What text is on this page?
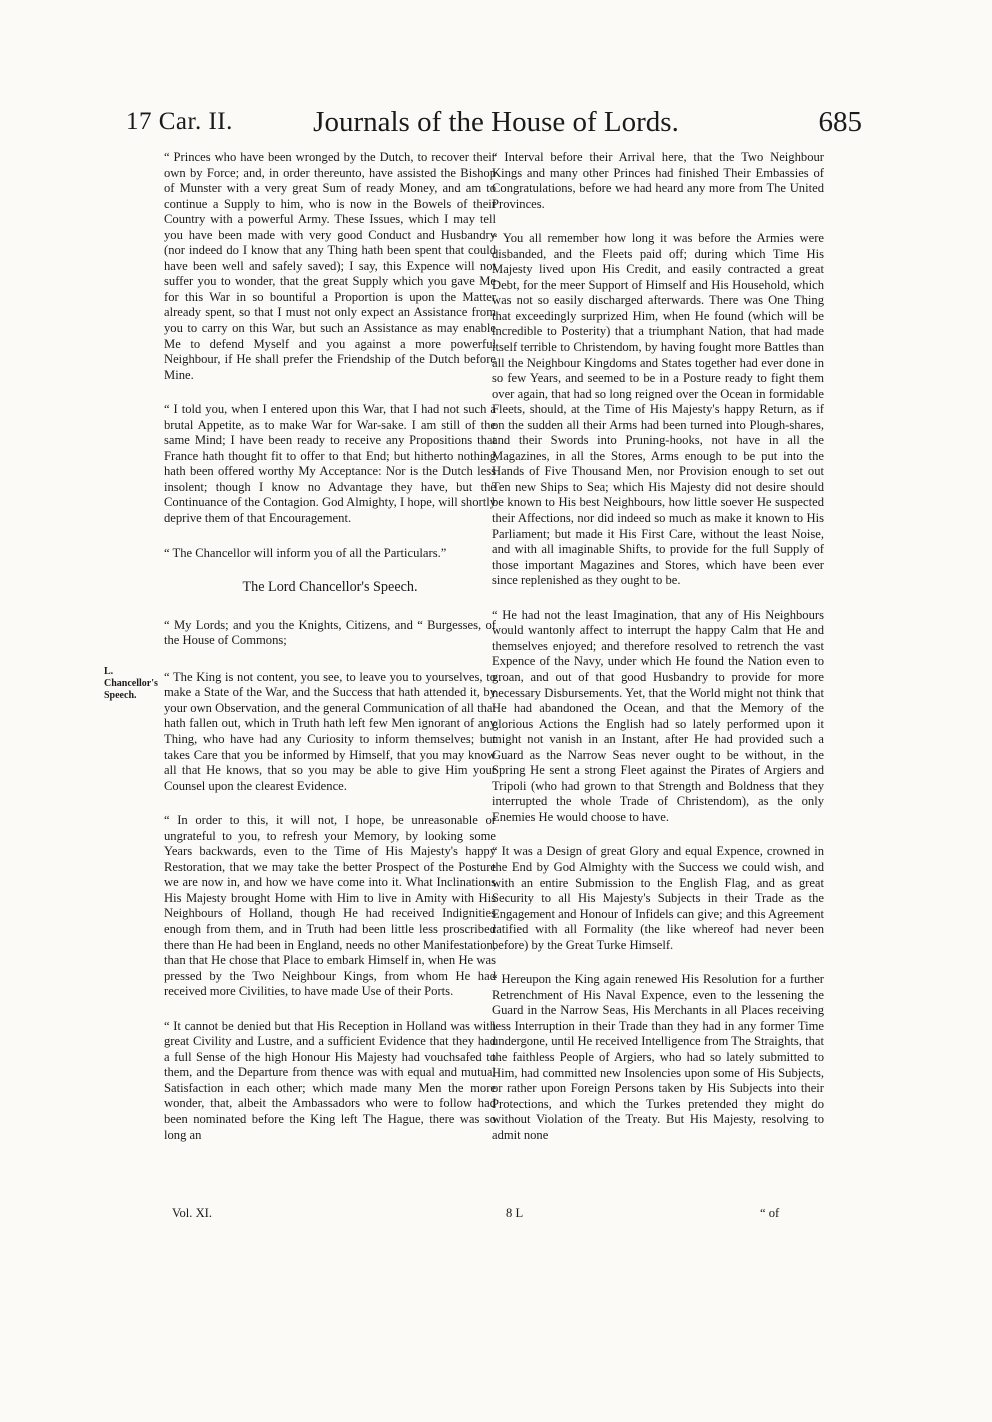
17 Car. II.	Journals of the House of Lords.	685
L. Chancellor's Speech.

“ Princes who have been wronged by the Dutch, to recover their own by Force; and, in order thereunto, have assisted the Bishop of Munster with a very great Sum of ready Money, and am to continue a Supply to him, who is now in the Bowels of their Country with a powerful Army. These Issues, which I may tell you have been made with very good Conduct and Husbandry (nor indeed do I know that any Thing hath been spent that could have been well and safely saved); I say, this Expence will not suffer you to wonder, that the great Supply which you gave Me for this War in so bountiful a Proportion is upon the Matter already spent, so that I must not only expect an Assistance from you to carry on this War, but such an Assistance as may enable Me to defend Myself and you against a more powerful Neighbour, if He shall prefer the Friendship of the Dutch before Mine.

“ I told you, when I entered upon this War, that I had not such a brutal Appetite, as to make War for War-sake. I am still of the same Mind; I have been ready to receive any Propositions that France hath thought fit to offer to that End; but hitherto nothing hath been offered worthy My Acceptance: Nor is the Dutch less insolent; though I know no Advantage they have, but the Continuance of the Contagion. God Almighty, I hope, will shortly deprive them of that Encouragement.

“ The Chancellor will inform you of all the Particulars.”

The Lord Chancellor's Speech.

“ My Lords; and you the Knights, Citizens, and “ Burgesses, of the House of Commons;

“ The King is not content, you see, to leave you to yourselves, to make a State of the War, and the Success that hath attended it, by your own Observation, and the general Communication of all that hath fallen out, which in Truth hath left few Men ignorant of any Thing, who have had any Curiosity to inform themselves; but takes Care that you be informed by Himself, that you may know all that He knows, that so you may be able to give Him your Counsel upon the clearest Evidence.

“ In order to this, it will not, I hope, be unreasonable or ungrateful to you, to refresh your Memory, by looking some Years backwards, even to the Time of His Majesty's happy Restoration, that we may take the better Prospect of the Posture we are now in, and how we have come into it. What Inclinations His Majesty brought Home with Him to live in Amity with His Neighbours of Holland, though He had received Indignities enough from them, and in Truth had been little less proscribed there than He had been in England, needs no other Manifestation, than that He chose that Place to embark Himself in, when He was pressed by the Two Neighbour Kings, from whom He had received more Civilities, to have made Use of their Ports.

“ It cannot be denied but that His Reception in Holland was with great Civility and Lustre, and a sufficient Evidence that they had a full Sense of the high Honour His Majesty had vouchsafed to them, and the Departure from thence was with equal and mutual Satisfaction in each other; which made many Men the more wonder, that, albeit the Ambassadors who were to follow had been nominated before the King left The Hague, there was so long an

“ Interval before their Arrival here, that the Two Neighbour Kings and many other Princes had finished Their Embassies of Congratulations, before we had heard any more from The United Provinces.

“ You all remember how long it was before the Armies were disbanded, and the Fleets paid off; during which Time His Majesty lived upon His Credit, and easily contracted a great Debt, for the meer Support of Himself and His Household, which was not so easily discharged afterwards. There was One Thing that exceedingly surprized Him, when He found (which will be incredible to Posterity) that a triumphant Nation, that had made itself terrible to Christendom, by having fought more Battles than all the Neighbour Kingdoms and States together had ever done in so few Years, and seemed to be in a Posture ready to fight them over again, that had so long reigned over the Ocean in formidable Fleets, should, at the Time of His Majesty's happy Return, as if on the sudden all their Arms had been turned into Plough-shares, and their Swords into Pruning-hooks, not have in all the Magazines, in all the Stores, Arms enough to be put into the Hands of Five Thousand Men, nor Provision enough to set out Ten new Ships to Sea; which His Majesty did not desire should be known to His best Neighbours, how little soever He suspected their Affections, nor did indeed so much as make it known to His Parliament; but made it His First Care, without the least Noise, and with all imaginable Shifts, to provide for the full Supply of those important Magazines and Stores, which have been ever since replenished as they ought to be.

“ He had not the least Imagination, that any of His Neighbours would wantonly affect to interrupt the happy Calm that He and themselves enjoyed; and therefore resolved to retrench the vast Expence of the Navy, under which He found the Nation even to groan, and out of that good Husbandry to provide for more necessary Disbursements. Yet, that the World might not think that He had abandoned the Ocean, and that the Memory of the glorious Actions the English had so lately performed upon it might not vanish in an Instant, after He had provided such a Guard as the Narrow Seas never ought to be without, in the Spring He sent a strong Fleet against the Pirates of Argiers and Tripoli (who had grown to that Strength and Boldness that they interrupted the whole Trade of Christendom), as the only Enemies He would choose to have.

“ It was a Design of great Glory and equal Expence, crowned in the End by God Almighty with the Success we could wish, and with an entire Submission to the English Flag, and as great Security to all His Majesty's Subjects in their Trade as the Engagement and Honour of Infidels can give; and this Agreement ratified with all Formality (the like whereof had never been before) by the Great Turke Himself.

“ Hereupon the King again renewed His Resolution for a further Retrenchment of His Naval Expence, even to the lessening the Guard in the Narrow Seas, His Merchants in all Places receiving less Interruption in their Trade than they had in any former Time undergone, until He received Intelligence from The Straights, that the faithless People of Argiers, who had so lately submitted to Him, had committed new Insolencies upon some of His Subjects, or rather upon Foreign Persons taken by His Subjects into their Protections, and which the Turkes pretended they might do without Violation of the Treaty. But His Majesty, resolving to admit none

Vol. XI.	8 L	“ of
